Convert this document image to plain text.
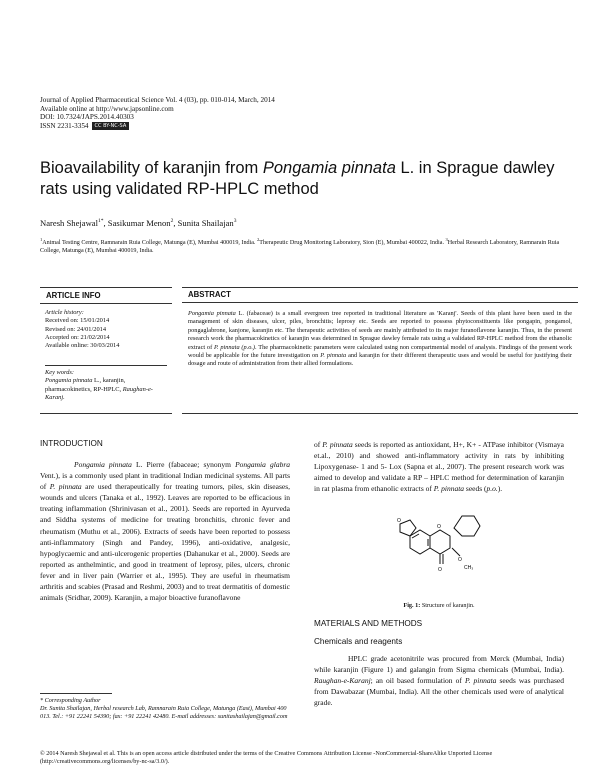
Journal of Applied Pharmaceutical Science Vol. 4 (03), pp. 010-014, March, 2014
Available online at http://www.japsonline.com
DOI: 10.7324/JAPS.2014.40303
ISSN 2231-3354 CC BY-NC-SA
Bioavailability of karanjin from Pongamia pinnata L. in Sprague dawley rats using validated RP-HPLC method
Naresh Shejawal$^{1*}$, Sasikumar Menon$^2$, Sunita Shailajan$^3$
$^1$Animal Testing Centre, Ramnarain Ruia College, Matunga (E), Mumbai 400019, India. $^2$Therapeutic Drug Monitoring Laboratory, Sion (E), Mumbai 400022, India. $^3$Herbal Research Laboratory, Ramnarain Ruia College, Matunga (E), Mumbai 400019, India.
ARTICLE INFO
Article history:
Received on: 15/01/2014
Revised on: 24/01/2014
Accepted on: 21/02/2014
Available online: 30/03/2014
Key words:
Pongamia pinnata L., karanjin, pharmacokinetics, RP-HPLC, Raughan-e-Karanj.
ABSTRACT
Pongamia pinnata L. (fabaceae) is a small evergreen tree reported in traditional literature as 'Karanj'. Seeds of this plant have been used in the management of skin diseases, ulcer, piles, bronchitis; leprosy etc. Seeds are reported to possess phytoconstituents like pongapin, pongamol, pongaglabrone, kanjone, karanjin etc. The therapeutic activities of seeds are mainly attributed to its major furanoflavone karanjin. Thus, in the present research work the pharmacokinetics of karanjin was determined in Sprague dawley female rats using a validated RP-HPLC method from the ethanolic extract of P. pinnata (p.o.). The pharmacokinetic parameters were calculated using non compartmental model of analysis. Findings of the present work would be applicable for the future investigation on P. pinnata and karanjin for their different therapeutic uses and would be useful for justifying their dosage and route of administration from their allied formulations.
INTRODUCTION
Pongamia pinnata L. Pierre (fabaceae; synonym Pongamia glabra Vent.), is a commonly used plant in traditional Indian medicinal systems. All parts of P. pinnata are used therapeutically for treating tumors, piles, skin diseases, wounds and ulcers (Tanaka et al., 1992). Leaves are reported to be efficacious in treating inflammation (Shrinivasan et al., 2001). Seeds are reported in Ayurveda and Siddha systems of medicine for treating bronchitis, chronic fever and rheumatism (Muthu et al., 2006). Extracts of seeds have been reported to possess anti-inflammatory (Singh and Pandey, 1996), anti-oxidative, analgesic, hypoglycaemic and anti-ulcerogenic properties (Dahanukar et al., 2000). Seeds are reported as anthelmintic, and good in treatment of leprosy, piles, ulcers, chronic fever and in liver pain (Warrier et al., 1995). They are useful in rheumatism arthritis and scabies (Prasad and Reshmi, 2003) and to treat dermatitis of domestic animals (Sridhar, 2009). Karanjin, a major bioactive furanoflavone
of P. pinnata seeds is reported as antioxidant, H+, K+ - ATPase inhibitor (Vismaya et.al., 2010) and showed anti-inflammatory activity in rats by inhibiting Lipoxygenase- 1 and 5- Lox (Sapna et al., 2007). The present research work was aimed to develop and validate a RP – HPLC method for determination of karanjin in rat plasma from ethanolic extracts of P. pinnata seeds (p.o.).
O
O
O
O
CH₃
Fig. 1: Structure of karanjin.
MATERIALS AND METHODS
Chemicals and reagents
HPLC grade acetonitrile was procured from Merck (Mumbai, India) while karanjin (Figure 1) and galangin from Sigma chemicals (Mumbai, India). Raughan-e-Karanj; an oil based formulation of P. pinnata seeds was purchased from Dawabazar (Mumbai, India). All the other chemicals used were of analytical grade.
* Corresponding Author
Dr. Sunita Shailajan, Herbal research Lab, Ramnarain Ruia College, Matunga (East), Mumbai 400 013. Tel.: +91 22241 54390; fax: +91 22241 42480. E-mail addresses: sunitashailajan@gmail.com
© 2014 Naresh Shejawal et al. This is an open access article distributed under the terms of the Creative Commons Attribution License -NonCommercial-ShareAlike Unported License (http://creativecommons.org/licenses/by-nc-sa/3.0/).
